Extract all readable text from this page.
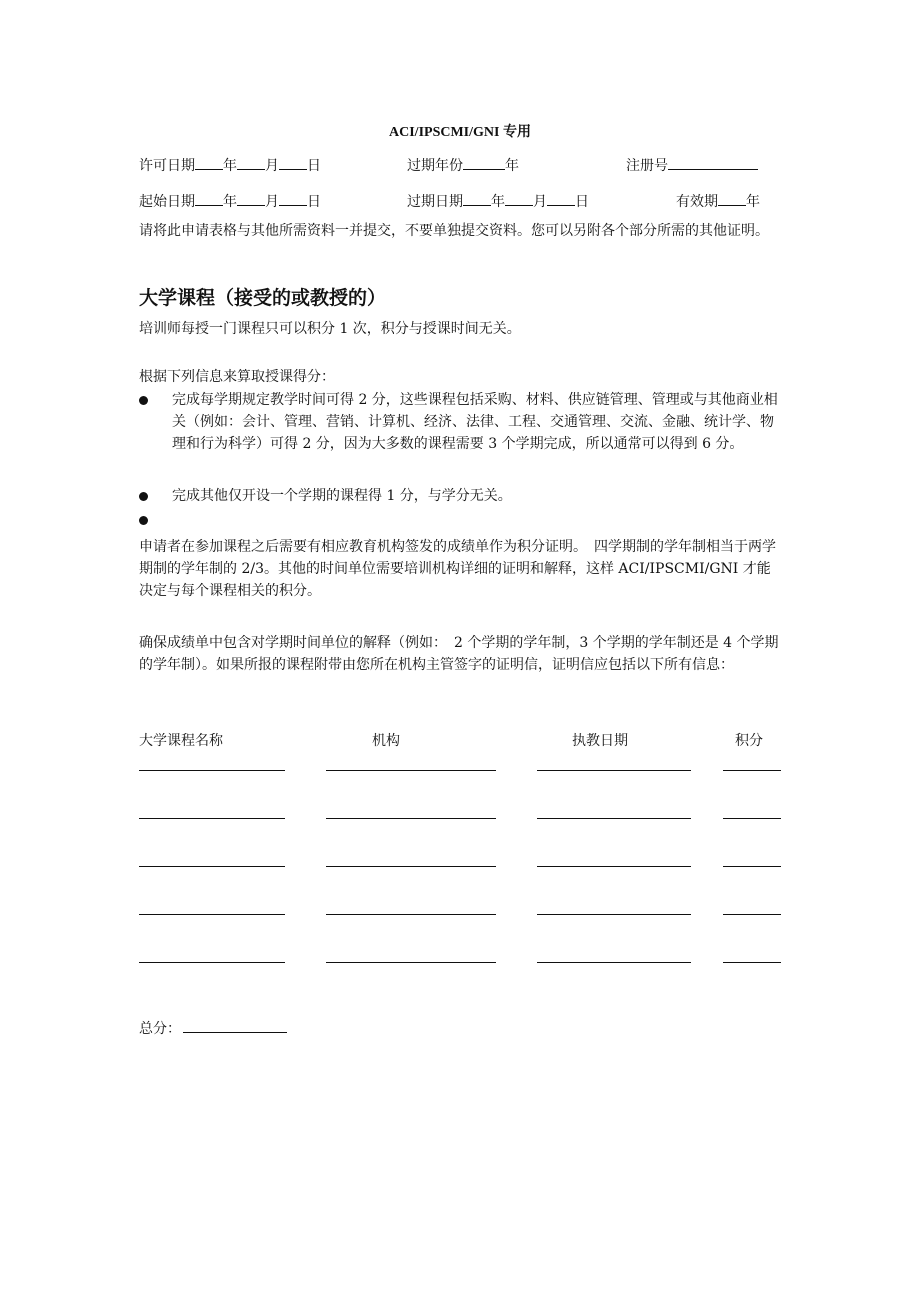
ACI/IPSCMI/GNI 专用
许可日期 年 月 日	过期年份	年	注册号
起始日期 年 月 日	过期日期 年 月 日	有效期 年
请将此申请表格与其他所需资料一并提交，不要单独提交资料。您可以另附各个部分所需的其他证明。
大学课程（接受的或教授的）
培训师每授一门课程只可以积分 1 次，积分与授课时间无关。
根据下列信息来算取授课得分：
完成每学期规定教学时间可得 2 分，这些课程包括采购、材料、供应链管理、管理或与其他商业相关（例如：会计、管理、营销、计算机、经济、法律、工程、交通管理、交流、金融、统计学、物理和行为科学）可得 2 分，因为大多数的课程需要 3 个学期完成，所以通常可以得到 6 分。
完成其他仅开设一个学期的课程得 1 分，与学分无关。
申请者在参加课程之后需要有相应教育机构签发的成绩单作为积分证明。　四学期制的学年制相当于两学期制的学年制的 2/3。其他的时间单位需要培训机构详细的证明和解释，这样 ACI/IPSCMI/GNI 才能决定与每个课程相关的积分。
确保成绩单中包含对学期时间单位的解释（例如：　2 个学期的学年制，3 个学期的学年制还是 4 个学期的学年制）。如果所报的课程附带由您所在机构主管签字的证明信，证明信应包括以下所有信息：
大学课程名称	机构	执教日期	积分
总分：
